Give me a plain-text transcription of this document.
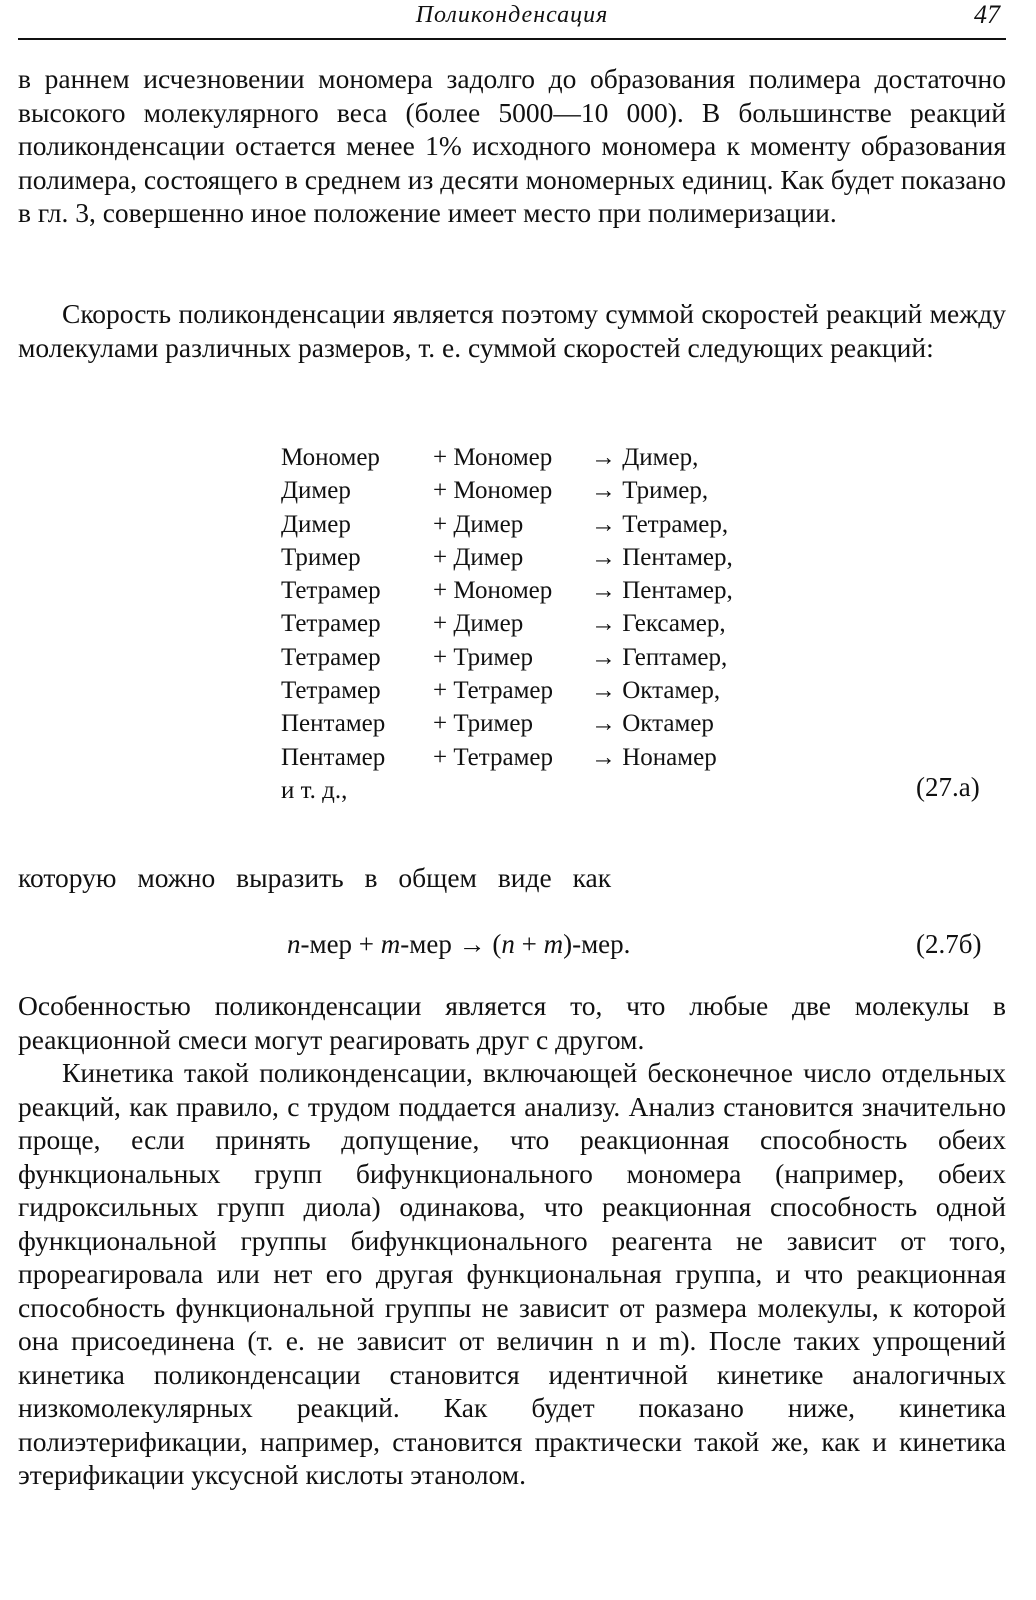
Поликонденсация	47

в раннем исчезновении мономера задолго до образования полимера достаточно высокого молекулярного веса (более 5000—10 000). В большинстве реакций поликонденсации остается менее 1% исходного мономера к моменту образования полимера, состоящего в среднем из десяти мономерных единиц. Как будет показано в гл. 3, совершенно иное положение имеет место при полимеризации.

Скорость поликонденсации является поэтому суммой скоростей реакций между молекулами различных размеров, т. е. суммой скоростей следующих реакций:

Мономер	+ Мономер	→ Димер,
Димер	+ Мономер	→ Тример,
Димер	+ Димер	→ Тетрамер,
Тример	+ Димер	→ Пентамер,
Тетрамер	+ Мономер	→ Пентамер,
Тетрамер	+ Димер	→ Гексамер,
Тетрамер	+ Тример	→ Гептамер,
Тетрамер	+ Тетрамер	→ Октамер,
Пентамер	+ Тример	→ Октамер
Пентамер	+ Тетрамер	→ Нонамер
и т. д.,	(27.а)
которую можно выразить в общем виде как
n-мер + m-мер → (n + m)-мер.	(2.7б)

Особенностью поликонденсации является то, что любые две молекулы в реакционной смеси могут реагировать друг с другом.

Кинетика такой поликонденсации, включающей бесконечное число отдельных реакций, как правило, с трудом поддается анализу. Анализ становится значительно проще, если принять допущение, что реакционная способность обеих функциональных групп бифункционального мономера (например, обеих гидроксильных групп диола) одинакова, что реакционная способность одной функциональной группы бифункционального реагента не зависит от того, прореагировала или нет его другая функциональная группа, и что реакционная способность функциональной группы не зависит от размера молекулы, к которой она присоединена (т. е. не зависит от величин n и m). После таких упрощений кинетика поликонденсации становится идентичной кинетике аналогичных низкомолекулярных реакций. Как будет показано ниже, кинетика полиэтерификации, например, становится практически такой же, как и кинетика этерификации уксусной кислоты этанолом.
